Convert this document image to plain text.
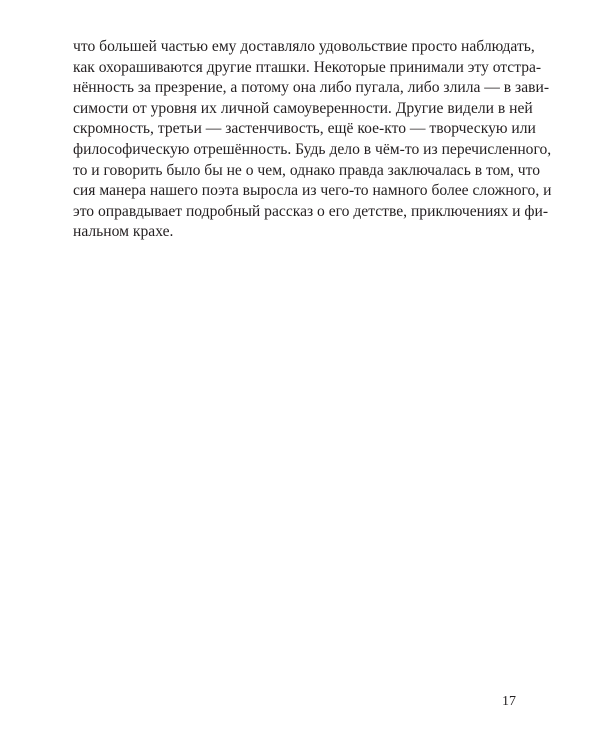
что большей частью ему доставляло удовольствие просто наблюдать,
как охорашиваются другие пташки. Некоторые принимали эту отстра-
нённость за презрение, а потому она либо пугала, либо злила — в зави-
симости от уровня их личной самоуверенности. Другие видели в ней
скромность, третьи — застенчивость, ещё кое-кто — творческую или
философическую отрешённость. Будь дело в чём-то из перечисленного,
то и говорить было бы не о чем, однако правда заключалась в том, что
сия манера нашего поэта выросла из чего-то намного более сложного, и
это оправдывает подробный рассказ о его детстве, приключениях и фи-
нальном крахе.
17
